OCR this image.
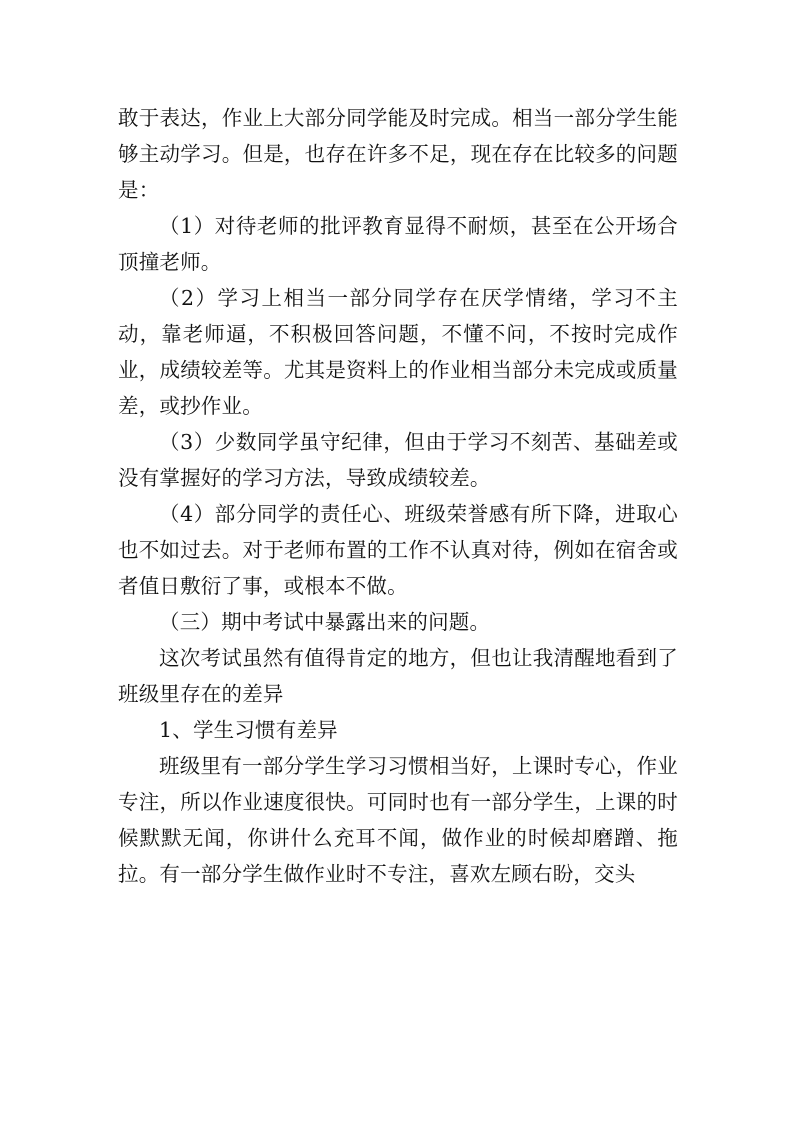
敢于表达，作业上大部分同学能及时完成。相当一部分学生能够主动学习。但是，也存在许多不足，现在存在比较多的问题是：

（1）对待老师的批评教育显得不耐烦，甚至在公开场合顶撞老师。

（2）学习上相当一部分同学存在厌学情绪，学习不主动，靠老师逼，不积极回答问题，不懂不问，不按时完成作业，成绩较差等。尤其是资料上的作业相当部分未完成或质量差，或抄作业。

（3）少数同学虽守纪律，但由于学习不刻苦、基础差或没有掌握好的学习方法，导致成绩较差。

（4）部分同学的责任心、班级荣誉感有所下降，进取心也不如过去。对于老师布置的工作不认真对待，例如在宿舍或者值日敷衍了事，或根本不做。

（三）期中考试中暴露出来的问题。

这次考试虽然有值得肯定的地方，但也让我清醒地看到了班级里存在的差异

1、学生习惯有差异

班级里有一部分学生学习习惯相当好，上课时专心，作业专注，所以作业速度很快。可同时也有一部分学生，上课的时候默默无闻，你讲什么充耳不闻，做作业的时候却磨蹭、拖拉。有一部分学生做作业时不专注，喜欢左顾右盼，交头
